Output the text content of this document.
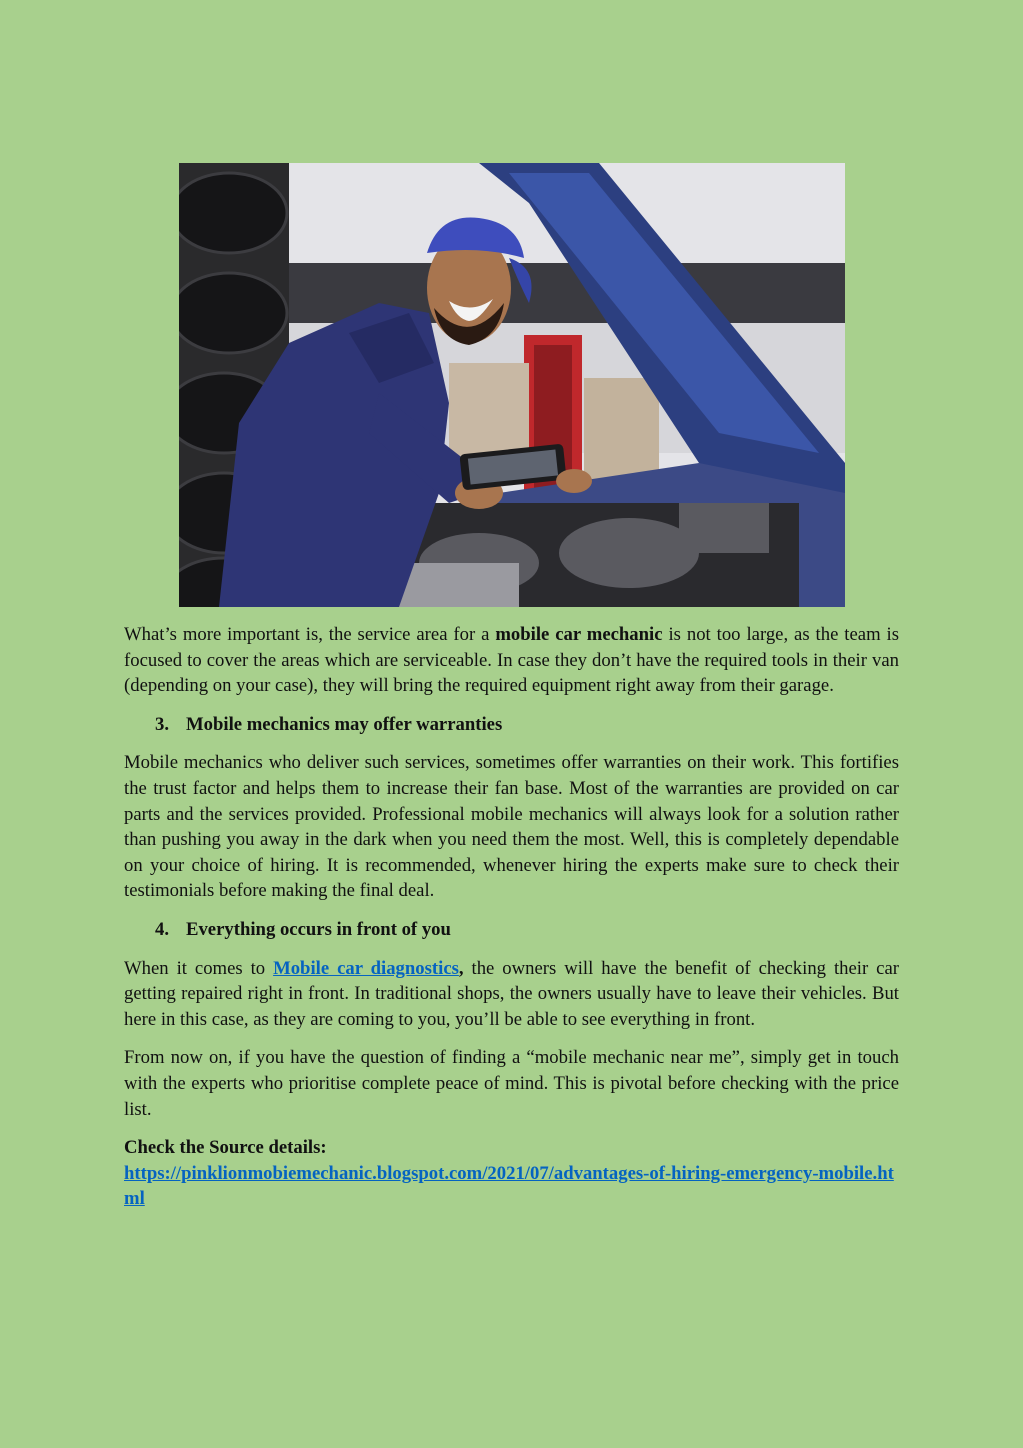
What’s more important is, the service area for a mobile car mechanic is not too large, as the team is focused to cover the areas which are serviceable. In case they don’t have the required tools in their van (depending on your case), they will bring the required equipment right away from their garage.

3. Mobile mechanics may offer warranties

Mobile mechanics who deliver such services, sometimes offer warranties on their work. This fortifies the trust factor and helps them to increase their fan base. Most of the warranties are provided on car parts and the services provided. Professional mobile mechanics will always look for a solution rather than pushing you away in the dark when you need them the most. Well, this is completely dependable on your choice of hiring. It is recommended, whenever hiring the experts make sure to check their testimonials before making the final deal.

4. Everything occurs in front of you

When it comes to Mobile car diagnostics, the owners will have the benefit of checking their car getting repaired right in front. In traditional shops, the owners usually have to leave their vehicles. But here in this case, as they are coming to you, you’ll be able to see everything in front.

From now on, if you have the question of finding a “mobile mechanic near me”, simply get in touch with the experts who prioritise complete peace of mind. This is pivotal before checking with the price list.

Check the Source details:
https://pinklionmobiemechanic.blogspot.com/2021/07/advantages-of-hiring-emergency-mobile.html
